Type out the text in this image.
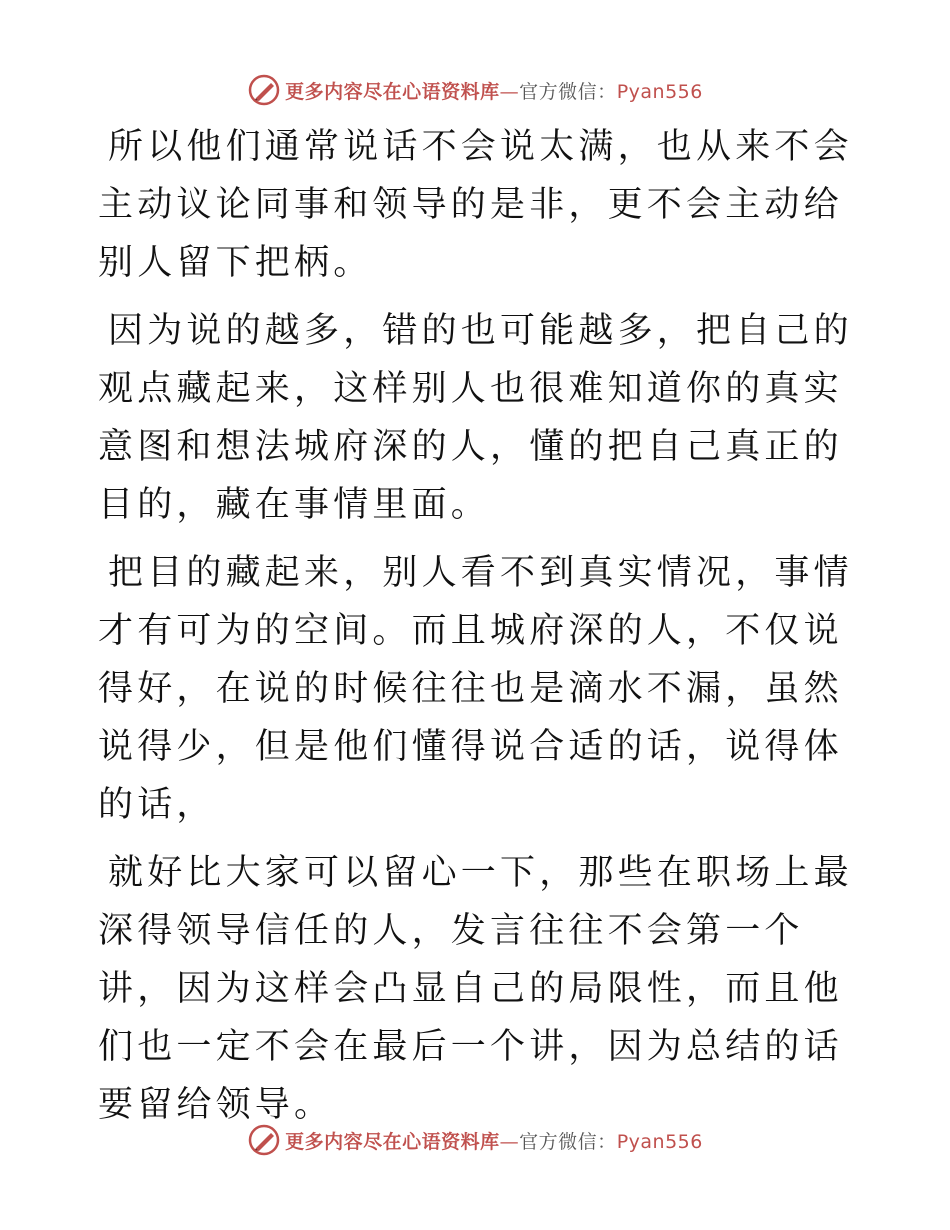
更多内容尽在心语资料库—官方微信：Pyan556

所以他们通常说话不会说太满，也从来不会主动议论同事和领导的是非，更不会主动给别人留下把柄。

因为说的越多，错的也可能越多，把自己的观点藏起来，这样别人也很难知道你的真实意图和想法城府深的人，懂的把自己真正的目的，藏在事情里面。

把目的藏起来，别人看不到真实情况，事情才有可为的空间。而且城府深的人，不仅说得好，在说的时候往往也是滴水不漏，虽然说得少，但是他们懂得说合适的话，说得体的话，

就好比大家可以留心一下，那些在职场上最深得领导信任的人，发言往往不会第一个讲，因为这样会凸显自己的局限性，而且他们也一定不会在最后一个讲，因为总结的话要留给领导。

更多内容尽在心语资料库—官方微信：Pyan556
